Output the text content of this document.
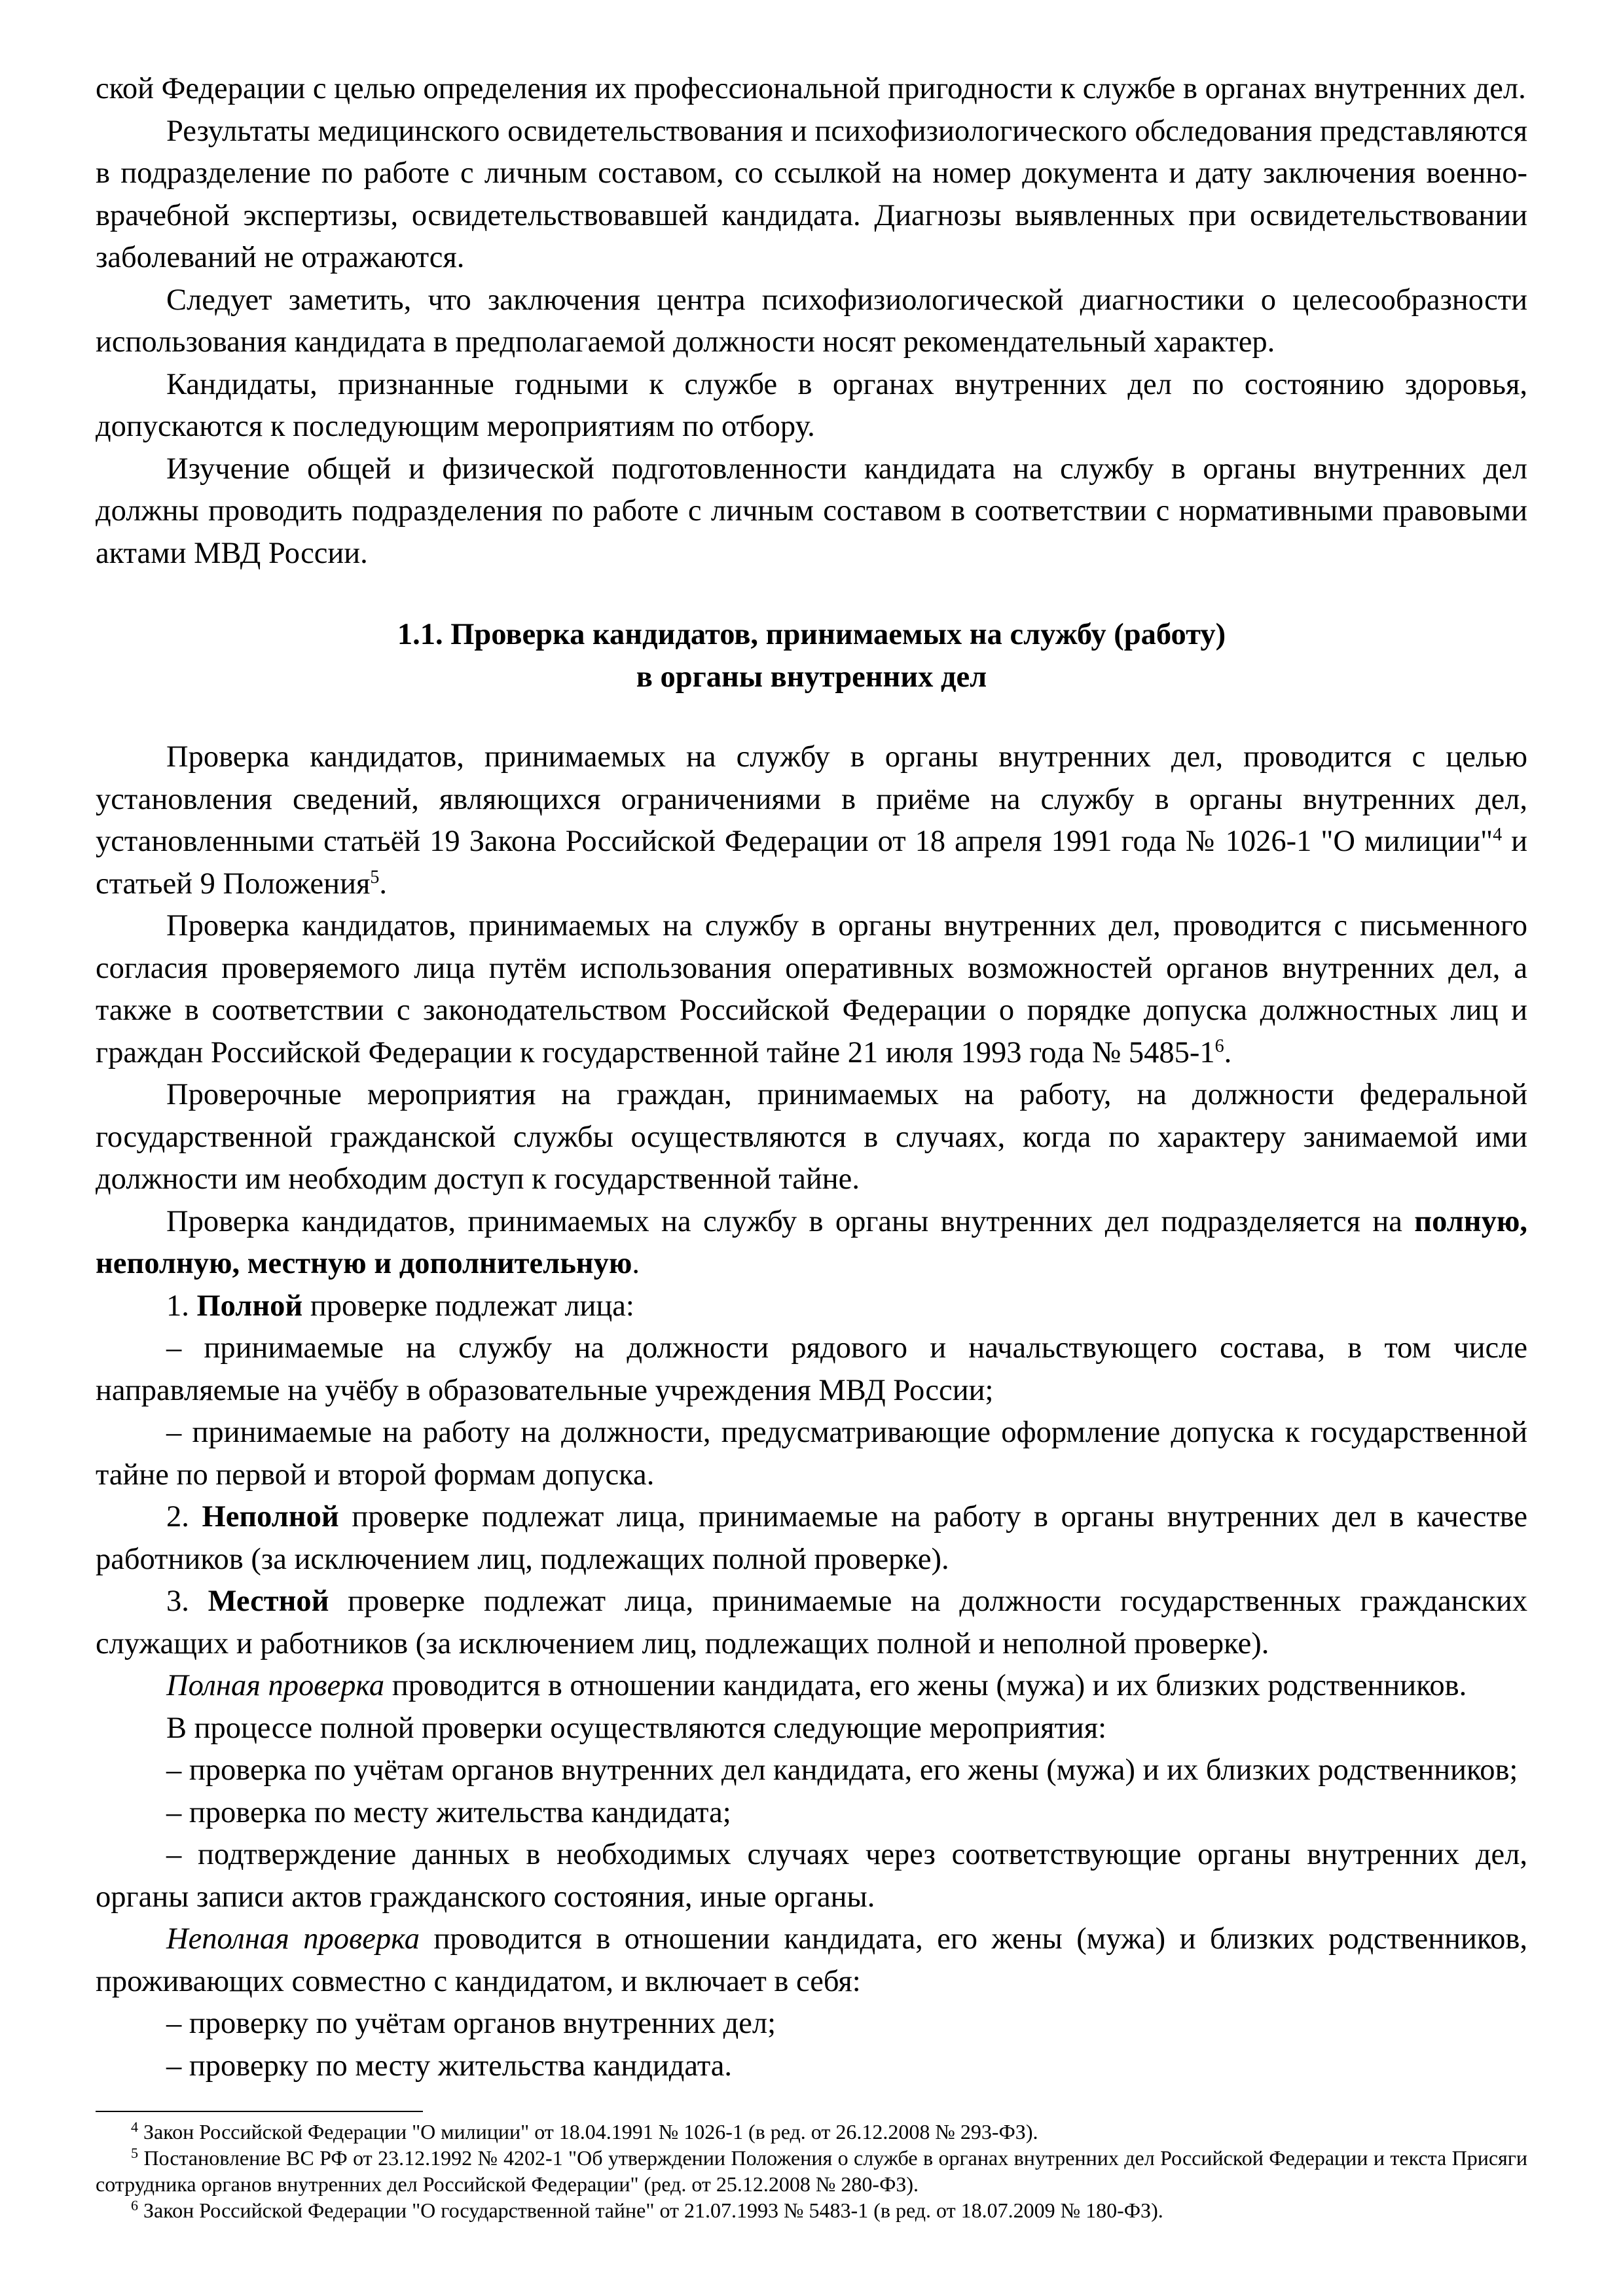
ской Федерации с целью определения их профессиональной пригодности к службе в органах внутренних дел.

Результаты медицинского освидетельствования и психофизиологического обследования представляются в подразделение по работе с личным составом, со ссылкой на номер документа и дату заключения военно-врачебной экспертизы, освидетельствовавшей кандидата. Диагнозы выявленных при освидетельствовании заболеваний не отражаются.

Следует заметить, что заключения центра психофизиологической диагностики о целесообразности использования кандидата в предполагаемой должности носят рекомендательный характер.

Кандидаты, признанные годными к службе в органах внутренних дел по состоянию здоровья, допускаются к последующим мероприятиям по отбору.

Изучение общей и физической подготовленности кандидата на службу в органы внутренних дел должны проводить подразделения по работе с личным составом в соответствии с нормативными правовыми актами МВД России.

1.1. Проверка кандидатов, принимаемых на службу (работу)

в органы внутренних дел

Проверка кандидатов, принимаемых на службу в органы внутренних дел, проводится с целью установления сведений, являющихся ограничениями в приёме на службу в органы внутренних дел, установленными статьёй 19 Закона Российской Федерации от 18 апреля 1991 года № 1026-1 "О милиции"$^4$ и статьей 9 Положения$^5$.

Проверка кандидатов, принимаемых на службу в органы внутренних дел, проводится с письменного согласия проверяемого лица путём использования оперативных возможностей органов внутренних дел, а также в соответствии с законодательством Российской Федерации о порядке допуска должностных лиц и граждан Российской Федерации к государственной тайне 21 июля 1993 года № $5485-1^6$.

Проверочные мероприятия на граждан, принимаемых на работу, на должности федеральной государственной гражданской службы осуществляются в случаях, когда по характеру занимаемой ими должности им необходим доступ к государственной тайне.

Проверка кандидатов, принимаемых на службу в органы внутренних дел подразделяется на полную, неполную, местную и дополнительную.

1. Полной проверке подлежат лица:

– принимаемые на службу на должности рядового и начальствующего состава, в том числе направляемые на учёбу в образовательные учреждения МВД России;

– принимаемые на работу на должности, предусматривающие оформление допуска к государственной тайне по первой и второй формам допуска.

2. Неполной проверке подлежат лица, принимаемые на работу в органы внутренних дел в качестве работников (за исключением лиц, подлежащих полной проверке).

3. Местной проверке подлежат лица, принимаемые на должности государственных гражданских служащих и работников (за исключением лиц, подлежащих полной и неполной проверке).

Полная проверка проводится в отношении кандидата, его жены (мужа) и их близких родственников.

В процессе полной проверки осуществляются следующие мероприятия:

– проверка по учётам органов внутренних дел кандидата, его жены (мужа) и их близких родственников;

– проверка по месту жительства кандидата;

– подтверждение данных в необходимых случаях через соответствующие органы внутренних дел, органы записи актов гражданского состояния, иные органы.

Неполная проверка проводится в отношении кандидата, его жены (мужа) и близких родственников, проживающих совместно с кандидатом, и включает в себя:

– проверку по учётам органов внутренних дел;

– проверку по месту жительства кандидата.

$^4$ Закон Российской Федерации "О милиции" от 18.04.1991 № 1026-1 (в ред. от 26.12.2008 № 293-ФЗ).

$^5$ Постановление ВС РФ от 23.12.1992 № 4202-1 "Об утверждении Положения о службе в органах внутренних дел Российской Федерации и текста Присяги сотрудника органов внутренних дел Российской Федерации" (ред. от 25.12.2008 № 280-ФЗ).

$^6$ Закон Российской Федерации "О государственной тайне" от 21.07.1993 № 5483-1 (в ред. от 18.07.2009 № 180-ФЗ).
